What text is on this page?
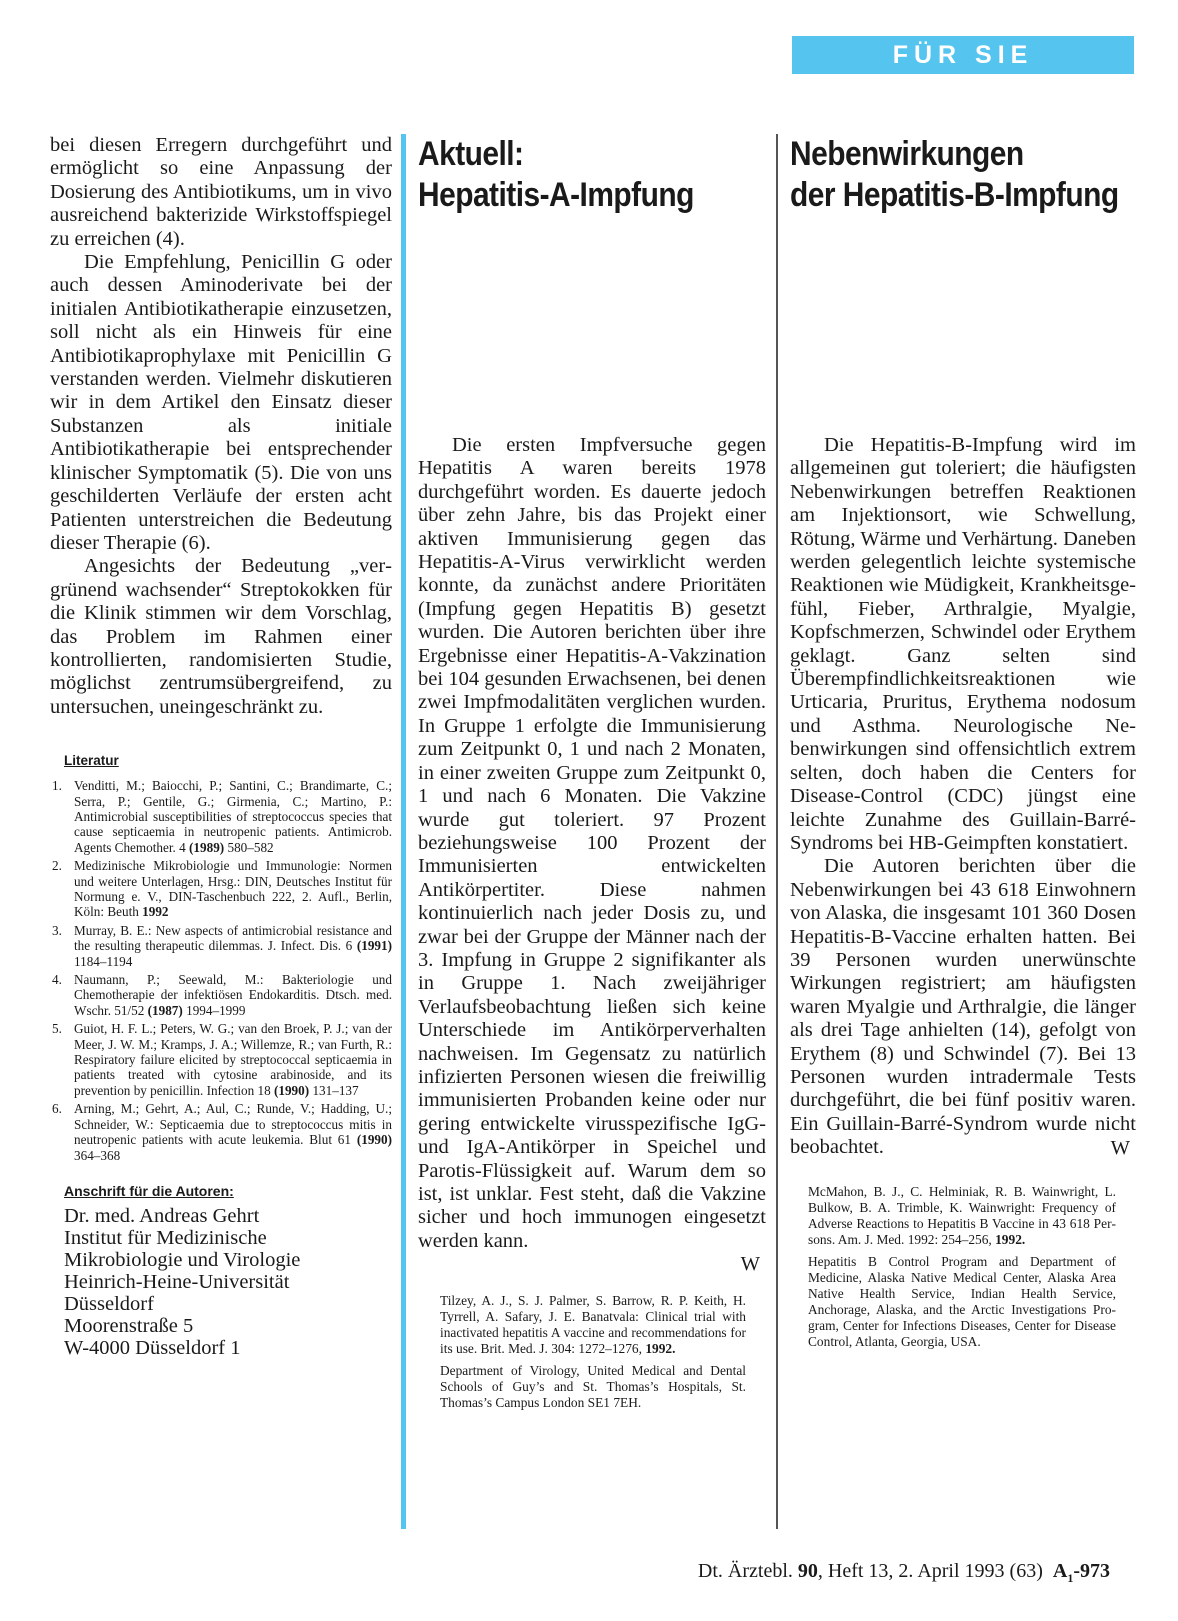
FÜR SIE REFERIERT

bei diesen Erregern durchgeführt und ermöglicht so eine Anpassung der Dosierung des Antibiotikums, um in vivo ausreichend bakterizide Wirkstoffspiegel zu erreichen (4).

Die Empfehlung, Penicillin G oder auch dessen Aminoderivate bei der initialen Antibiotikatherapie einzusetzen, soll nicht als ein Hinweis für eine Antibiotikaprophylaxe mit Penicillin G verstanden werden. Vielmehr diskutieren wir in dem Artikel den Einsatz dieser Substanzen als initiale Antibiotikatherapie bei entsprechender klinischer Symptomatik (5). Die von uns geschilderten Verläufe der ersten acht Patienten unterstreichen die Bedeutung dieser Therapie (6).

Angesichts der Bedeutung „vergrünend wachsender“ Streptokokken für die Klinik stimmen wir dem Vorschlag, das Problem im Rahmen einer kontrollierten, randomisierten Studie, möglichst zentrumsübergreifend, zu untersuchen, uneingeschränkt zu.

Literatur

1. Venditti, M.; Baiocchi, P.; Santini, C.; Brandimarte, C.; Serra, P.; Gentile, G.; Girmenia, C.; Martino, P.: Antimicrobial susceptibilities of streptococcus species that cause septicaemia in neutropenic patients. Antimicrob. Agents Chemother. 4 (1989) 580–582
2. Medizinische Mikrobiologie und Immunologie: Normen und weitere Unterlagen, Hrsg.: DIN, Deutsches Institut für Normung e. V., DIN-Taschenbuch 222, 2. Aufl., Berlin, Köln: Beuth 1992
3. Murray, B. E.: New aspects of antimicrobial resistance and the resulting therapeutic dilemmas. J. Infect. Dis. 6 (1991) 1184–1194
4. Naumann, P.; Seewald, M.: Bakteriologie und Chemotherapie der infektiösen Endokarditis. Dtsch. med. Wschr. 51/52 (1987) 1994–1999
5. Guiot, H. F. L.; Peters, W. G.; van den Broek, P. J.; van der Meer, J. W. M.; Kramps, J. A.; Willemze, R.; van Furth, R.: Respiratory failure elicited by streptococcal septicaemia in patients treated with cytosine arabinoside, and its prevention by penicillin. Infection 18 (1990) 131–137
6. Arning, M.; Gehrt, A.; Aul, C.; Runde, V.; Hadding, U.; Schneider, W.: Septicaemia due to streptococcus mitis in neutropenic patients with acute leukemia. Blut 61 (1990) 364–368

Anschrift für die Autoren:

Dr. med. Andreas Gehrt
Institut für Medizinische
Mikrobiologie und Virologie
Heinrich-Heine-Universität
Düsseldorf
Moorenstraße 5
W-4000 Düsseldorf 1
Aktuell:
Hepatitis-A-Impfung

Die ersten Impfversuche gegen Hepatitis A waren bereits 1978 durchgeführt worden. Es dauerte jedoch über zehn Jahre, bis das Projekt einer aktiven Immunisierung gegen das Hepatitis-A-Virus verwirklicht werden konnte, da zunächst andere Prioritäten (Impfung gegen Hepatitis B) gesetzt wurden. Die Autoren berichten über ihre Ergebnisse einer Hepatitis-A-Vakzination bei 104 gesunden Erwachsenen, bei denen zwei Impfmodalitäten verglichen wurden. In Gruppe 1 erfolgte die Immunisierung zum Zeitpunkt 0, 1 und nach 2 Monaten, in einer zweiten Gruppe zum Zeitpunkt 0, 1 und nach 6 Monaten. Die Vakzine wurde gut toleriert. 97 Prozent beziehungsweise 100 Prozent der Immunisierten entwickelten Antikörpertiter. Diese nahmen kontinuierlich nach jeder Dosis zu, und zwar bei der Gruppe der Männer nach der 3. Impfung in Gruppe 2 signifikanter als in Gruppe 1. Nach zweijähriger Verlaufsbeobachtung ließen sich keine Unterschiede im Antikörperverhalten nachweisen. Im Gegensatz zu natürlich infizierten Personen wiesen die freiwillig immunisierten Probanden keine oder nur gering entwickelte virusspezifische IgG- und IgA-Antikörper in Speichel und Parotis-Flüssigkeit auf. Warum dem so ist, ist unklar. Fest steht, daß die Vakzine sicher und hoch immunogen eingesetzt werden kann.

W

Tilzey, A. J., S. J. Palmer, S. Barrow, R. P. Keith, H. Tyrrell, A. Safary, J. E. Banatvala: Clinical trial with inactivated hepatitis A vaccine and recommendations for its use. Brit. Med. J. 304: 1272–1276, 1992.

Department of Virology, United Medical and Dental Schools of Guy’s and St. Thomas’s Hospitals, St. Thomas’s Campus London SE1 7EH.

Nebenwirkungen
der Hepatitis-B-Impfung

Die Hepatitis-B-Impfung wird im allgemeinen gut toleriert; die häufigsten Nebenwirkungen betreffen Reaktionen am Injektionsort, wie Schwellung, Rötung, Wärme und Verhärtung. Daneben werden gelegentlich leichte systemische Reaktionen wie Müdigkeit, Krankheitsgefühl, Fieber, Arthralgie, Myalgie, Kopfschmerzen, Schwindel oder Erythem geklagt. Ganz selten sind Überempfindlichkeitsreaktionen wie Urticaria, Pruritus, Erythema nodosum und Asthma. Neurologische Nebenwirkungen sind offensichtlich extrem selten, doch haben die Centers for Disease-Control (CDC) jüngst eine leichte Zunahme des Guillain-Barré-Syndroms bei HB-Geimpften konstatiert.

Die Autoren berichten über die Nebenwirkungen bei 43 618 Einwohnern von Alaska, die insgesamt 101 360 Dosen Hepatitis-B-Vaccine erhalten hatten. Bei 39 Personen wurden unerwünschte Wirkungen registriert; am häufigsten waren Myalgie und Arthralgie, die länger als drei Tage anhielten (14), gefolgt von Erythem (8) und Schwindel (7). Bei 13 Personen wurden intradermale Tests durchgeführt, die bei fünf positiv waren. Ein Guillain-Barré-Syndrom wurde nicht beobachtet.	W

McMahon, B. J., C. Helminiak, R. B. Wainwright, L. Bulkow, B. A. Trimble, K. Wainwright: Frequency of Adverse Reactions to Hepatitis B Vaccine in 43 618 Persons. Am. J. Med. 1992: 254–256, 1992.

Hepatitis B Control Program and Department of Medicine, Alaska Native Medical Center, Alaska Area Native Health Service, Indian Health Service, Anchorage, Alaska, and the Arctic Investigations Program, Center for Infections Diseases, Center for Disease Control, Atlanta, Georgia, USA.

Dt. Ärztebl. 90, Heft 13, 2. April 1993 (63) $A_1-973$
